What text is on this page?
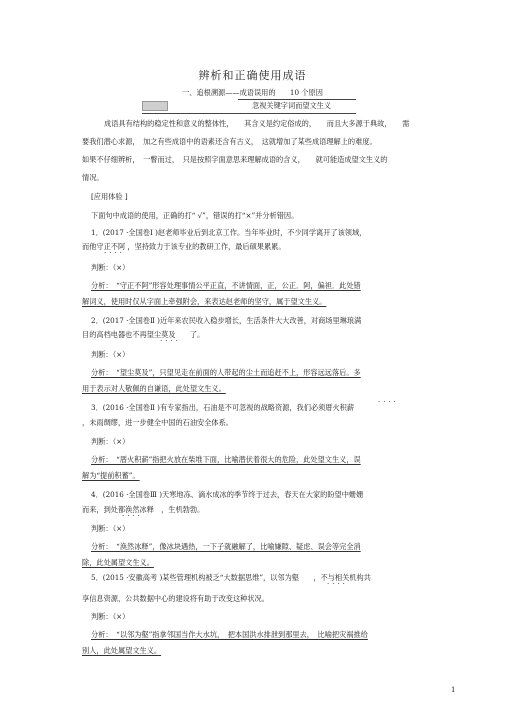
辨析和正确使用成语
一、追根溯源——成语误用的　　10 个原因
忽视关键字词而望文生义
成语具有结构的稳定性和意义的整体性，　　其含义是约定俗成的，　　而且大多源于典故，　　需
要我们潜心求源，　加之有些成语中的语素还含有古义，　这就增加了某些成语理解上的难度。
如果不仔细辨析，　一瞥而过，　只是按照字面意思来理解成语的含义，　　就可能造成望文生义的
情况。
[应用体验 ]
下面句中成语的使用，正确的打“ √”，错误的打“×”并分析错因。
1．(2017 ·全国卷Ⅰ )赵老师毕业后到北京工作。当年毕业时，不少同学离开了该领域，
而他守正不阿 ，坚持致力于该专业的教研工作，最后硕果累累。
····
判断：（×）
分析：　“守正不阿”形容处理事情公平正直，不讲情面，正，公正．阿，偏袒．此处错
解词义，使用时仅从字面上牵强附会，来表达赵老师的坚守，属于望文生义。
2．(2017 ·全国卷Ⅱ )近年来农民收入稳步增长，生活条件大大改善，对商场里琳琅满
目的高档电器也不再望尘莫及　　了。
····
判断：（×）
分析：　“望尘莫及”，只望见走在前面的人带起的尘土而追赶不上，形容远远落后。多
用于表示对人敬佩的自谦语，此处望文生义。
3．(2016 ·全国卷Ⅱ )有专家指出，石油是不可忽视的战略资源，我们必须厝火积薪
····
，未雨绸缪，进一步健全中国的石油安全体系。
判断：（×）
分析：　“厝火积薪”指把火放在柴堆下面，比喻潜伏着很大的危险，此处望文生义，误
解为“提前积蓄”。
4．(2016 ·全国卷Ⅲ )天寒地冻、滴水成冰的季节终于过去，春天在大家的盼望中姗姗
而来，到处都涣然冰释　，生机勃勃。
····
判断：（×）
分析：　“涣然冰释”，像冰块遇热，一下子就融解了，比喻嫌隙、疑虑、误会等完全消
除，此处属望文生义。
5．(2015 ·安徽高考 )某些管理机构被乏“大数据思维”，以邻为壑　　，不与相关机构共
····
享信息资源，公共数据中心的建设将有助于改变这种状况。
判断：（×）
分析：　“以邻为壑”指拿邻国当作大水坑，　把本国洪水排泄到那里去，　比喻把灾祸推给
别人，此处属望文生义。
1
